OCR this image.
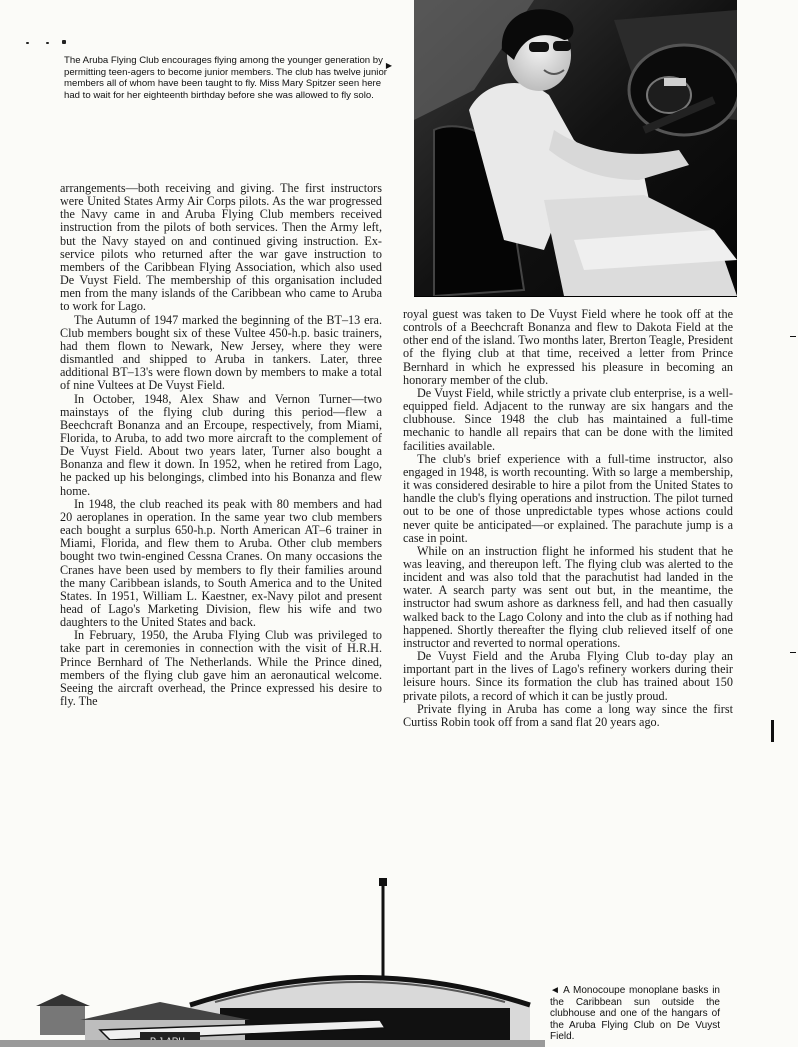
The Aruba Flying Club encourages flying among the younger generation by permitting teen-agers to become junior members. The club has twelve junior members all of whom have been taught to fly. Miss Mary Spitzer seen here had to wait for her eighteenth birthday before she was allowed to fly solo.
▶

arrangements—both receiving and giving. The first instructors were United States Army Air Corps pilots. As the war progressed the Navy came in and Aruba Flying Club members received instruction from the pilots of both services. Then the Army left, but the Navy stayed on and continued giving instruction. Ex-service pilots who returned after the war gave instruction to members of the Caribbean Flying Association, which also used De Vuyst Field. The membership of this organisation included men from the many islands of the Caribbean who came to Aruba to work for Lago.

The Autumn of 1947 marked the beginning of the BT–13 era. Club members bought six of these Vultee 450-h.p. basic trainers, had them flown to Newark, New Jersey, where they were dismantled and shipped to Aruba in tankers. Later, three additional BT–13's were flown down by members to make a total of nine Vultees at De Vuyst Field.

In October, 1948, Alex Shaw and Vernon Turner—two mainstays of the flying club during this period—flew a Beechcraft Bonanza and an Ercoupe, respectively, from Miami, Florida, to Aruba, to add two more aircraft to the complement of De Vuyst Field. About two years later, Turner also bought a Bonanza and flew it down. In 1952, when he retired from Lago, he packed up his belongings, climbed into his Bonanza and flew home.

In 1948, the club reached its peak with 80 members and had 20 aeroplanes in operation. In the same year two club members each bought a surplus 650-h.p. North American AT–6 trainer in Miami, Florida, and flew them to Aruba. Other club members bought two twin-engined Cessna Cranes. On many occasions the Cranes have been used by members to fly their families around the many Caribbean islands, to South America and to the United States. In 1951, William L. Kaestner, ex-Navy pilot and present head of Lago's Marketing Division, flew his wife and two daughters to the United States and back.

In February, 1950, the Aruba Flying Club was privileged to take part in ceremonies in connection with the visit of H.R.H. Prince Bernhard of The Netherlands. While the Prince dined, members of the flying club gave him an aeronautical welcome. Seeing the aircraft overhead, the Prince expressed his desire to fly. The

royal guest was taken to De Vuyst Field where he took off at the controls of a Beechcraft Bonanza and flew to Dakota Field at the other end of the island. Two months later, Brerton Teagle, President of the flying club at that time, received a letter from Prince Bernhard in which he expressed his pleasure in becoming an honorary member of the club.

De Vuyst Field, while strictly a private club enterprise, is a well-equipped field. Adjacent to the runway are six hangars and the clubhouse. Since 1948 the club has maintained a full-time mechanic to handle all repairs that can be done with the limited facilities available.

The club's brief experience with a full-time instructor, also engaged in 1948, is worth recounting. With so large a membership, it was considered desirable to hire a pilot from the United States to handle the club's flying operations and instruction. The pilot turned out to be one of those unpredictable types whose actions could never quite be anticipated—or explained. The parachute jump is a case in point.

While on an instruction flight he informed his student that he was leaving, and thereupon left. The flying club was alerted to the incident and was also told that the parachutist had landed in the water. A search party was sent out but, in the meantime, the instructor had swum ashore as darkness fell, and had then casually walked back to the Lago Colony and into the club as if nothing had happened. Shortly thereafter the flying club relieved itself of one instructor and reverted to normal operations.

De Vuyst Field and the Aruba Flying Club to-day play an important part in the lives of Lago's refinery workers during their leisure hours. Since its formation the club has trained about 150 private pilots, a record of which it can be justly proud.

Private flying in Aruba has come a long way since the first Curtiss Robin took off from a sand flat 20 years ago.

◄ A Monocoupe monoplane basks in the Caribbean sun outside the clubhouse and one of the hangars of the Aruba Flying Club on De Vuyst Field.
